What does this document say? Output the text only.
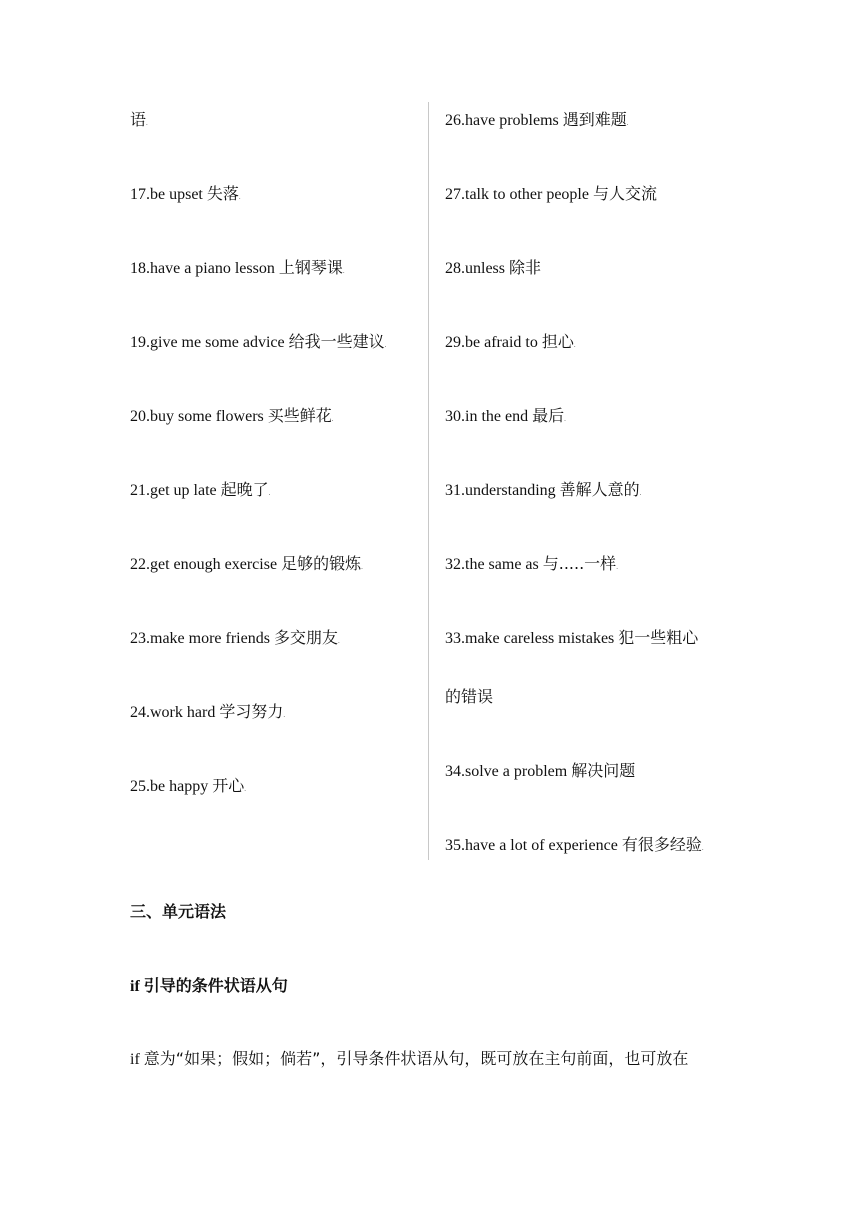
语.
17.be upset 失落.
18.have a piano lesson 上钢琴课.
19.give me some advice 给我一些建议.
20.buy some flowers 买些鲜花.
21.get up late 起晚了.
22.get enough exercise 足够的锻炼.
23.make more friends 多交朋友.
24.work hard 学习努力.
25.be happy 开心.
26.have problems 遇到难题.
27.talk to other people 与人交流
28.unless 除非
29.be afraid to 担心.
30.in the end 最后.
31.understanding 善解人意的.
32.the same as 与.....一样.
33.make careless mistakes 犯一些粗心
的错误
34.solve a problem 解决问题
35.have a lot of experience 有很多经验.
三、单元语法
if 引导的条件状语从句
if 意为“如果；假如；倘若”，引导条件状语从句，既可放在主句前面，也可放在
